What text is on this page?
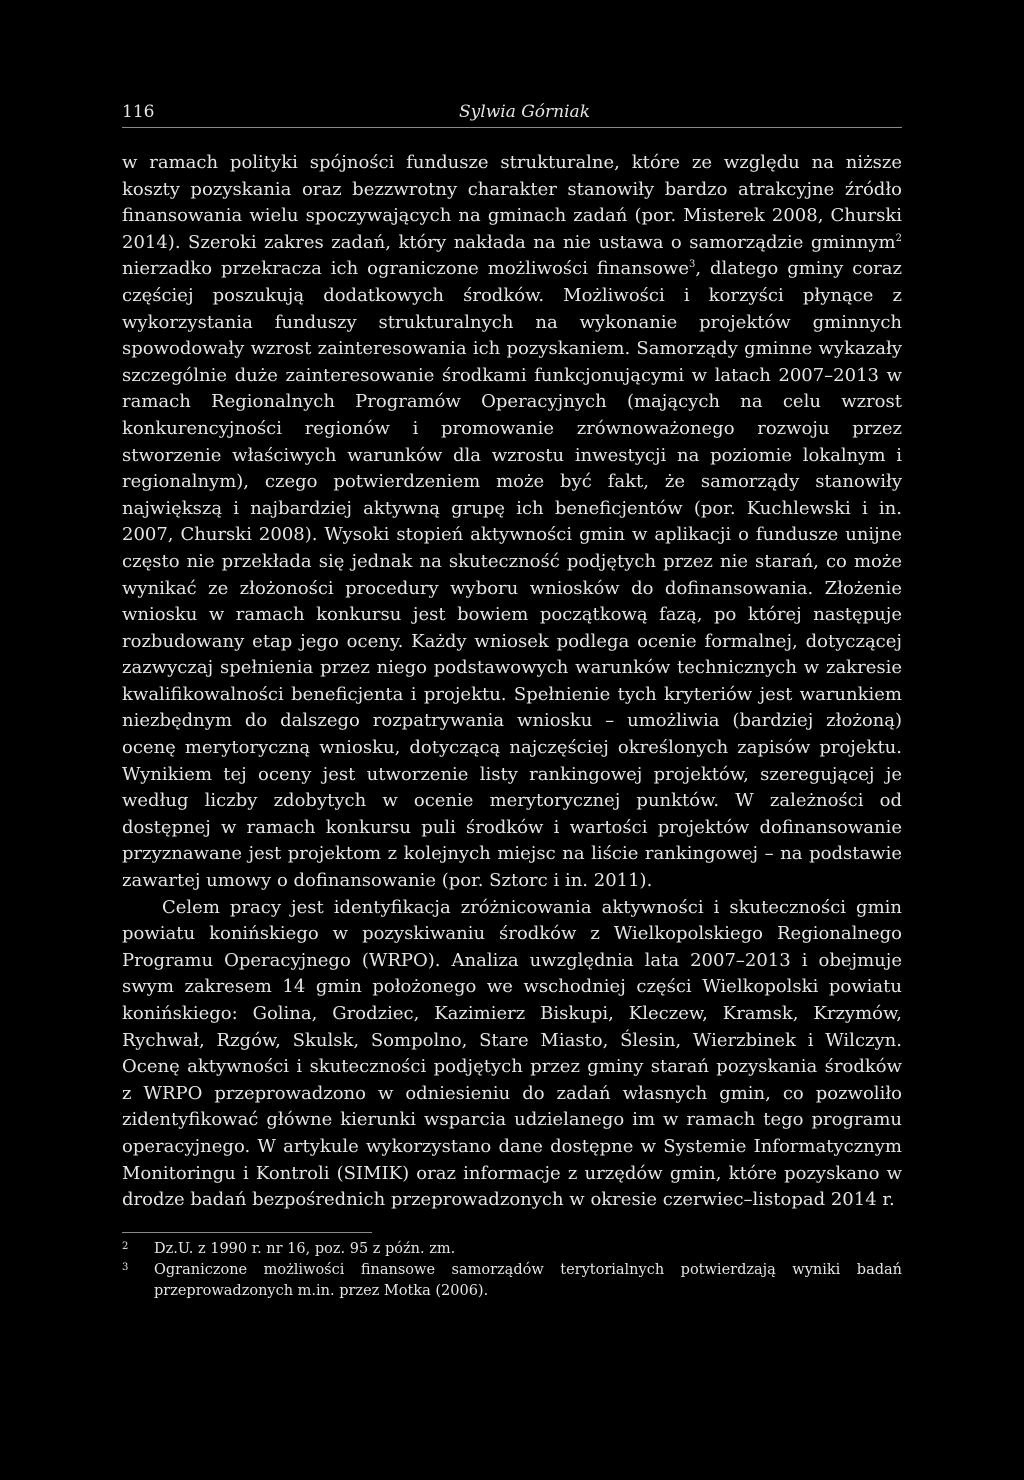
116	Sylwia Górniak

w ramach polityki spójności fundusze strukturalne, które ze względu na niższe koszty pozyskania oraz bezzwrotny charakter stanowiły bardzo atrakcyjne źródło finansowania wielu spoczywających na gminach zadań (por. Misterek 2008, Churski 2014). Szeroki zakres zadań, który nakłada na nie ustawa o samorządzie gminnym$^2$ nierzadko przekracza ich ograniczone możliwości finansowe$^3$, dlatego gminy coraz częściej poszukują dodatkowych środków. Możliwości i korzyści płynące z wykorzystania funduszy strukturalnych na wykonanie projektów gminnych spowodowały wzrost zainteresowania ich pozyskaniem. Samorządy gminne wykazały szczególnie duże zainteresowanie środkami funkcjonującymi w latach 2007–2013 w ramach Regionalnych Programów Operacyjnych (mających na celu wzrost konkurencyjności regionów i promowanie zrównoważonego rozwoju przez stworzenie właściwych warunków dla wzrostu inwestycji na poziomie lokalnym i regionalnym), czego potwierdzeniem może być fakt, że samorządy stanowiły największą i najbardziej aktywną grupę ich beneficjentów (por. Kuchlewski i in. 2007, Churski 2008). Wysoki stopień aktywności gmin w aplikacji o fundusze unijne często nie przekłada się jednak na skuteczność podjętych przez nie starań, co może wynikać ze złożoności procedury wyboru wniosków do dofinansowania. Złożenie wniosku w ramach konkursu jest bowiem początkową fazą, po której następuje rozbudowany etap jego oceny. Każdy wniosek podlega ocenie formalnej, dotyczącej zazwyczaj spełnienia przez niego podstawowych warunków technicznych w zakresie kwalifikowalności beneficjenta i projektu. Spełnienie tych kryteriów jest warunkiem niezbędnym do dalszego rozpatrywania wniosku – umożliwia (bardziej złożoną) ocenę merytoryczną wniosku, dotyczącą najczęściej określonych zapisów projektu. Wynikiem tej oceny jest utworzenie listy rankingowej projektów, szeregującej je według liczby zdobytych w ocenie merytorycznej punktów. W zależności od dostępnej w ramach konkursu puli środków i wartości projektów dofinansowanie przyznawane jest projektom z kolejnych miejsc na liście rankingowej – na podstawie zawartej umowy o dofinansowanie (por. Sztorc i in. 2011).

Celem pracy jest identyfikacja zróżnicowania aktywności i skuteczności gmin powiatu konińskiego w pozyskiwaniu środków z Wielkopolskiego Regionalnego Programu Operacyjnego (WRPO). Analiza uwzględnia lata 2007–2013 i obejmuje swym zakresem 14 gmin położonego we wschodniej części Wielkopolski powiatu konińskiego: Golina, Grodziec, Kazimierz Biskupi, Kleczew, Kramsk, Krzymów, Rychwał, Rzgów, Skulsk, Sompolno, Stare Miasto, Ślesin, Wierzbinek i Wilczyn. Ocenę aktywności i skuteczności podjętych przez gminy starań pozyskania środków z WRPO przeprowadzono w odniesieniu do zadań własnych gmin, co pozwoliło zidentyfikować główne kierunki wsparcia udzielanego im w ramach tego programu operacyjnego. W artykule wykorzystano dane dostępne w Systemie Informatycznym Monitoringu i Kontroli (SIMIK) oraz informacje z urzędów gmin, które pozyskano w drodze badań bezpośrednich przeprowadzonych w okresie czerwiec–listopad 2014 r.

2	Dz.U. z 1990 r. nr 16, poz. 95 z późn. zm.
3	Ograniczone możliwości finansowe samorządów terytorialnych potwierdzają wyniki badań przeprowadzonych m.in. przez Motka (2006).
